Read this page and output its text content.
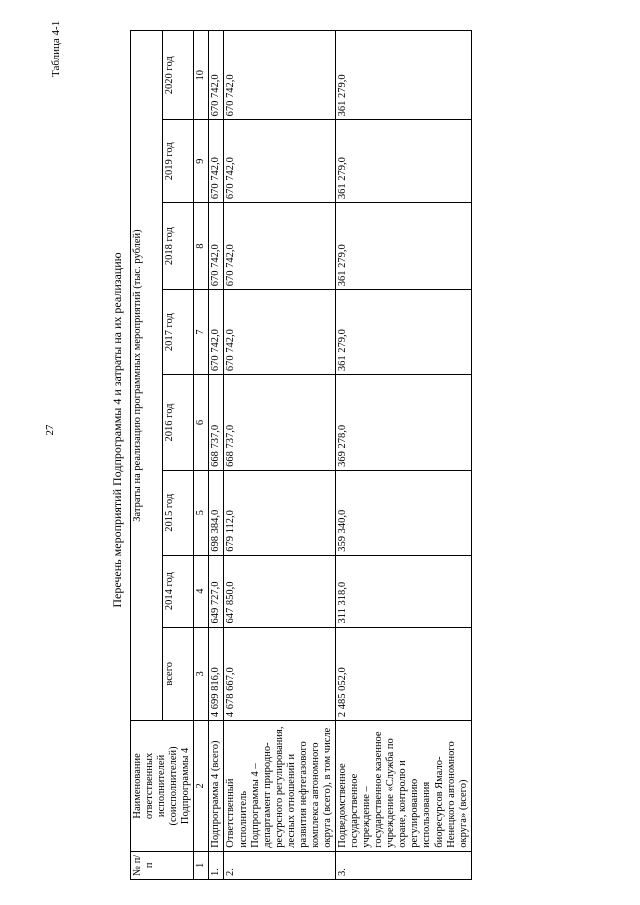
27
Таблица 4-1
Перечень мероприятий Подпрограммы 4 и затраты на их реализацию
№ п/п	Наименование ответственных исполнителей (соисполнителей) Подпрограммы 4	Затраты на реализацию программных мероприятий (тыс. рублей)							
		всего	2014 год	2015 год	2016 год	2017 год	2018 год	2019 год	2020 год
1	2	3	4	5	6	7	8	9	10
1.	Подпрограмма 4 (всего)	4 699 816,0	649 727,0	698 384,0	668 737,0	670 742,0	670 742,0	670 742,0	670 742,0
2.	Ответственный исполнитель Подпрограммы 4 – департамент природно-ресурсного регулирования, лесных отношений и развития нефтегазового комплекса автономного округа (всего), в том числе	4 678 667,0	647 850,0	679 112,0	668 737,0	670 742,0	670 742,0	670 742,0	670 742,0
3.	Подведомственное государственное учреждение – государственное казенное учреждение «Служба по охране, контролю и регулированию использования биоресурсов Ямало-Ненецкого автономного округа» (всего)	2 485 052,0	311 318,0	359 340,0	369 278,0	361 279,0	361 279,0	361 279,0	361 279,0
